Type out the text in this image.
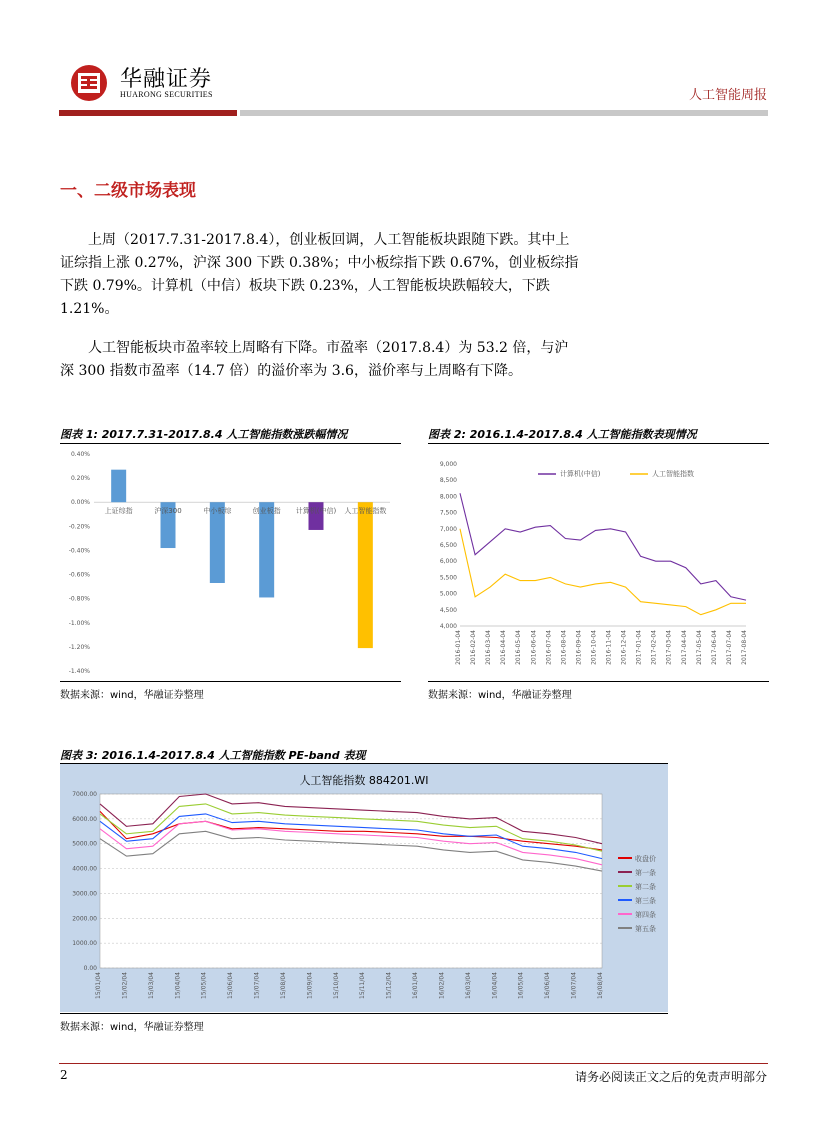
华融证券
HUARONG SECURITIES	人工智能周报
一、二级市场表现
上周（2017.7.31-2017.8.4），创业板回调，人工智能板块跟随下跌。其中上证综指上涨 0.27%，沪深 300 下跌 0.38%；中小板综指下跌 0.67%，创业板综指下跌 0.79%。计算机（中信）板块下跌 0.23%，人工智能板块跌幅较大，下跌 1.21%。
人工智能板块市盈率较上周略有下降。市盈率（2017.8.4）为 53.2 倍，与沪深 300 指数市盈率（14.7 倍）的溢价率为 3.6，溢价率与上周略有下降。
图表 1: 2017.7.31-2017.8.4 人工智能指数涨跌幅情况
0.40%
0.20%
0.00%
-0.20%
-0.40%
-0.60%
-0.80%
-1.00%
-1.20%
-1.40%
上证综指	沪深300	中小板综	创业板指 计算机(中信) 人工智能指数
数据来源：wind，华融证券整理
图表 2: 2016.1.4-2017.8.4 人工智能指数表现情况
9,000
8,500
8,000
7,500
7,000
6,500
6,000
5,500
5,000
4,500
4,000
2016-01-04 2016-02-04 2016-03-04 2016-04-04 2016-05-04 2016-06-04 2016-07-04 2016-08-04 2016-09-04 2016-10-04 2016-11-04 2016-12-04 2017-01-04 2017-02-04 2017-03-04 2017-04-04 2017-05-04 2017-06-04 2017-07-04 2017-08-04
计算机(中信)	人工智能指数
数据来源：wind，华融证券整理
图表 3: 2016.1.4-2017.8.4 人工智能指数 PE-band 表现
人工智能指数 884201.WI
7000.00
6000.00
5000.00
4000.00
3000.00
2000.00
1000.00
0.00
15/01/04	15/02/04	15/03/04	15/04/04	15/05/04	15/06/04	15/07/04	15/08/04	15/09/04	15/10/04	15/11/04	15/12/04	16/01/04	16/02/04	16/03/04	16/04/04	16/05/04	16/06/04	16/07/04	16/08/04
收盘价
第一条
第二条
第三条
第四条
第五条
数据来源：wind，华融证券整理
2	请务必阅读正文之后的免责声明部分
